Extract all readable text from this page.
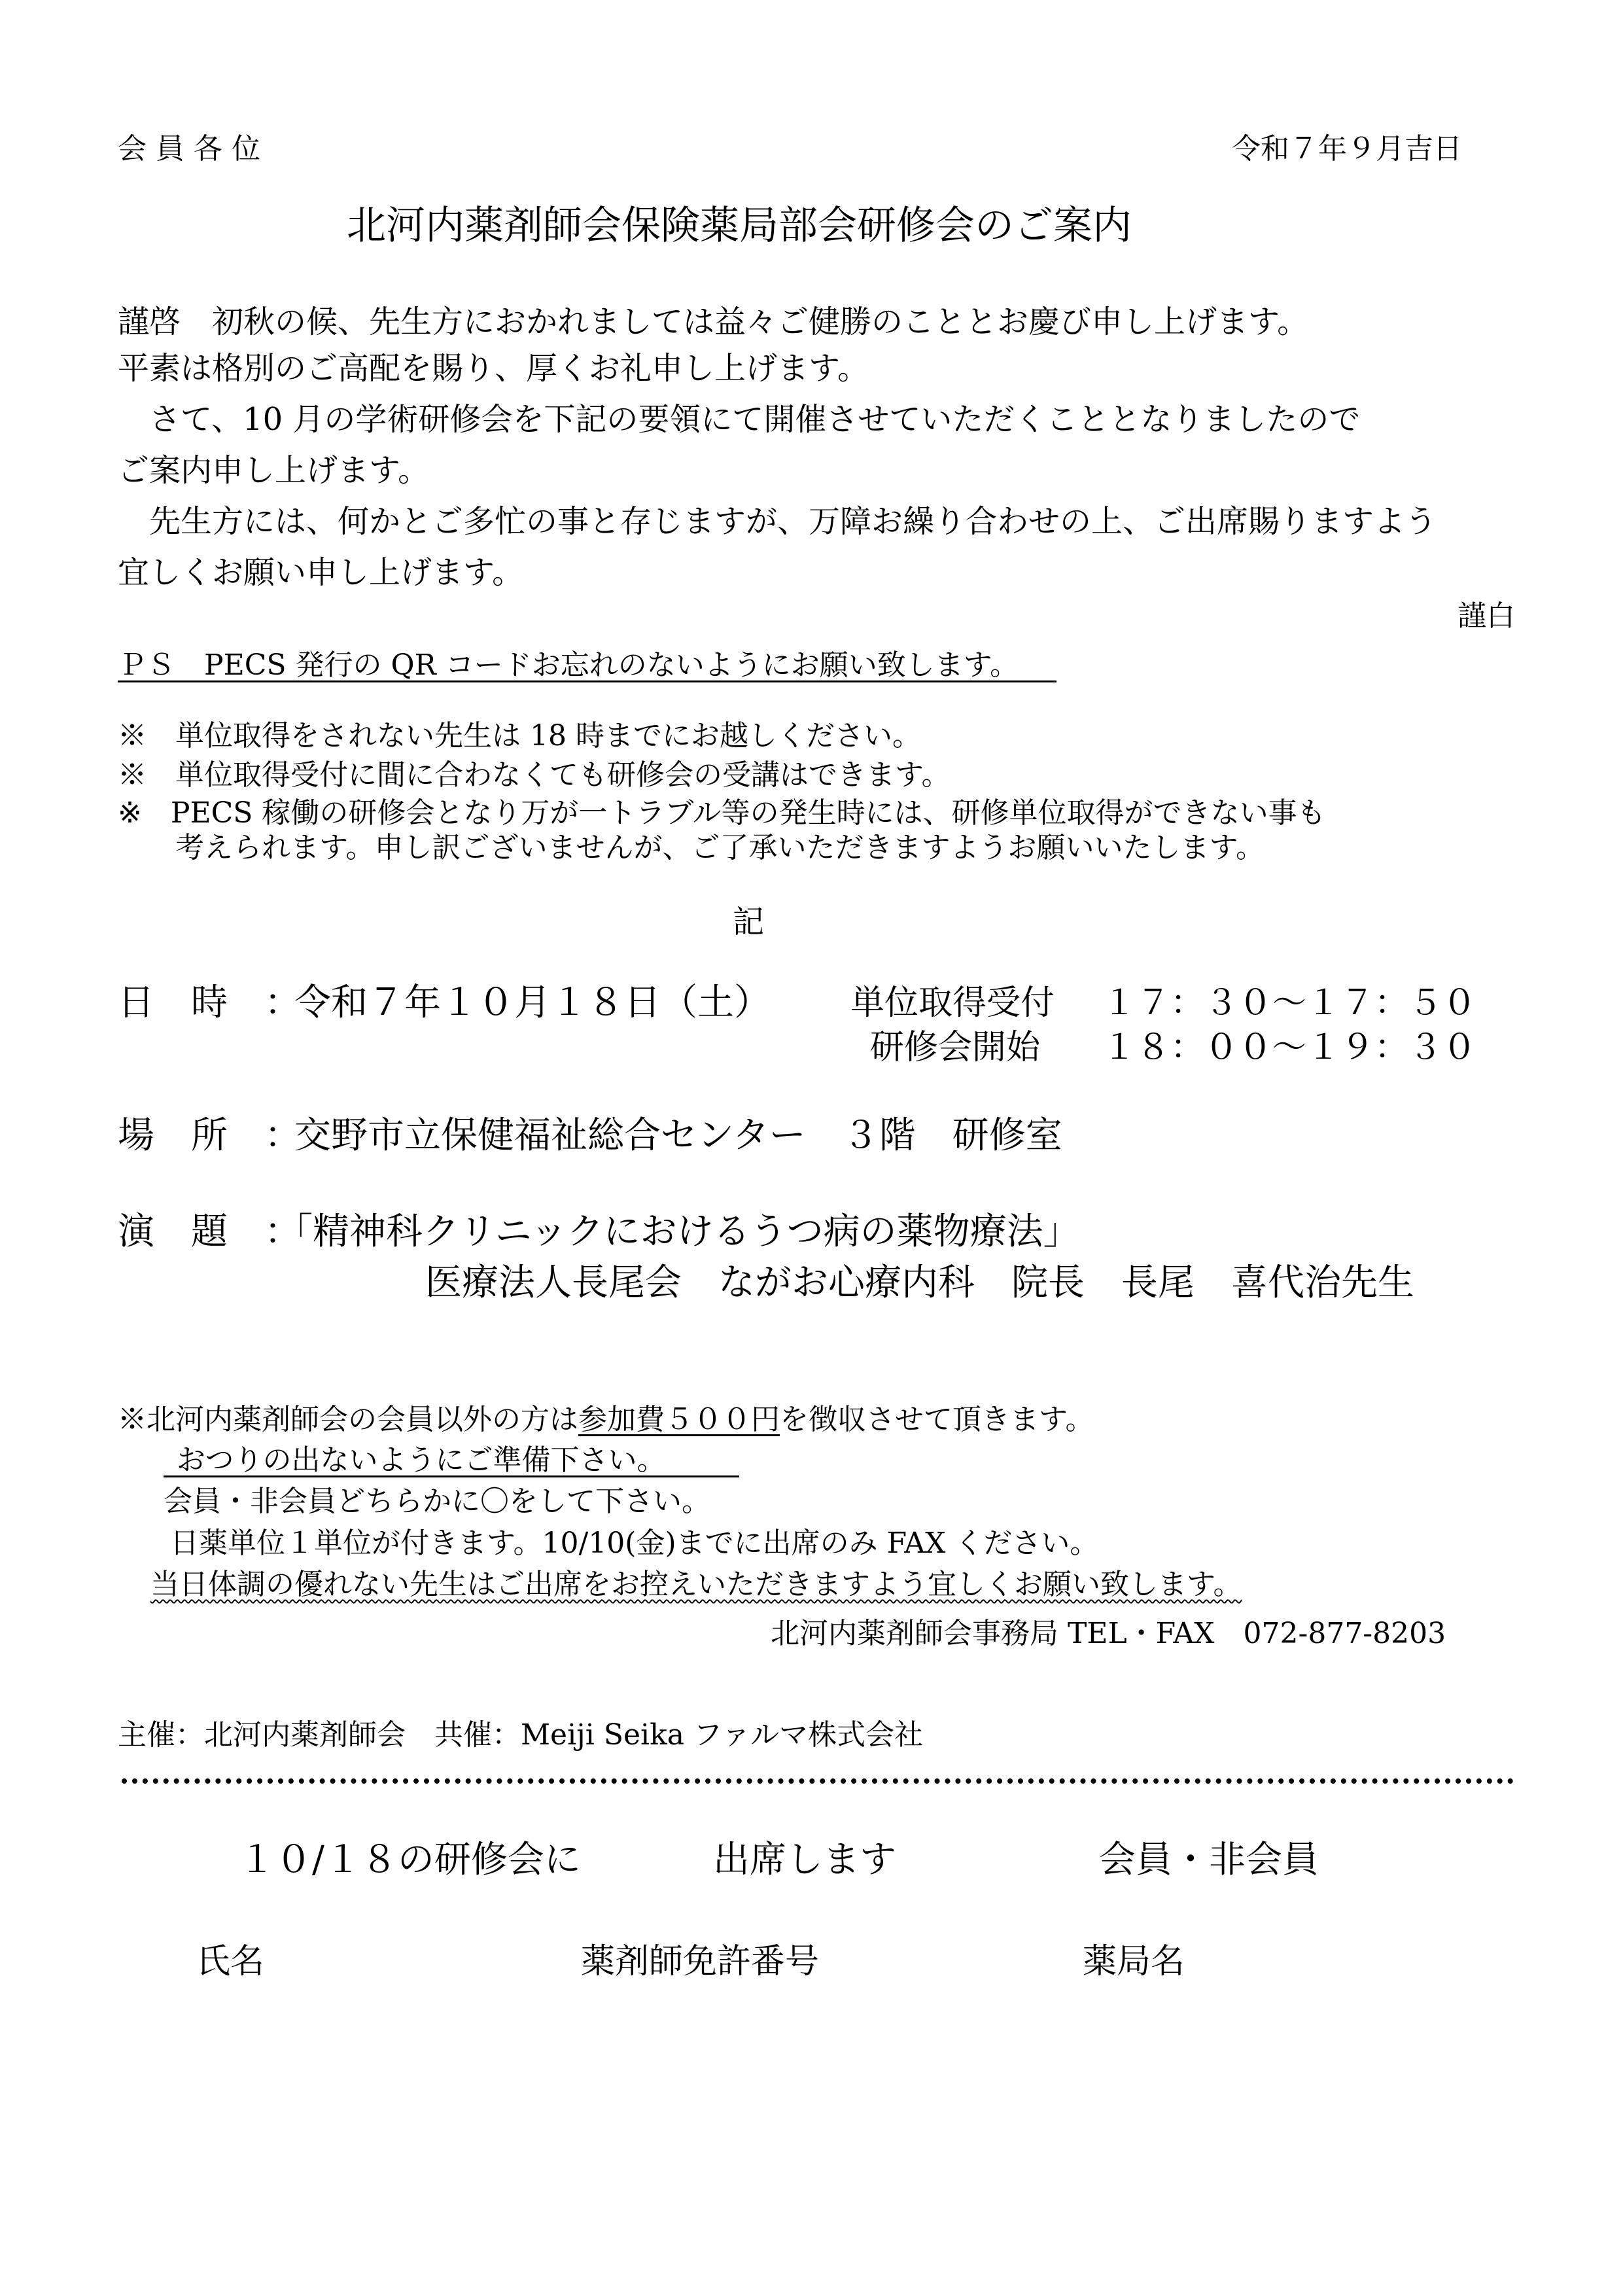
会 員 各 位	令和７年９月吉日
北河内薬剤師会保険薬局部会研修会のご案内
謹啓　初秋の候、先生方におかれましては益々ご健勝のこととお慶び申し上げます。
平素は格別のご高配を賜り、厚くお礼申し上げます。
　さて、10 月の学術研修会を下記の要領にて開催させていただくこととなりましたので
ご案内申し上げます。
　先生方には、何かとご多忙の事と存じますが、万障お繰り合わせの上、ご出席賜りますよう
宜しくお願い申し上げます。
謹白
ＰＳ　PECS 発行の QR コードお忘れのないようにお願い致します。
※　単位取得をされない先生は 18 時までにお越しください。
※　単位取得受付に間に合わなくても研修会の受講はできます。
※　PECS 稼働の研修会となり万が一トラブル等の発生時には、研修単位取得ができない事も
　　考えられます。申し訳ございませんが、ご了承いただきますようお願いいたします。
記
日　時　：
令和７年１０月１８日（土） 単位取得受付 １７：３０～１７：５０
研修会開始 １８：００～１９：３０
場　所　：
交野市立保健福祉総合センター　３階　研修室
演　題　：
｢精神科クリニックにおけるうつ病の薬物療法」
医療法人長尾会　ながお心療内科　院長　長尾　喜代治先生
※北河内薬剤師会の会員以外の方は参加費５００円を徴収させて頂きます。
おつりの出ないようにご準備下さい。
会員・非会員どちらかに〇をして下さい。
日薬単位１単位が付きます。10/10(金)までに出席のみ FAX ください。
当日体調の優れない先生はご出席をお控えいただきますよう宜しくお願い致します。
北河内薬剤師会事務局 TEL・FAX　072-877-8203
主催：北河内薬剤師会　共催：Meiji Seika ファルマ株式会社
１０/１８の研修会に	出席します	会員・非会員
氏名	薬剤師免許番号	薬局名
